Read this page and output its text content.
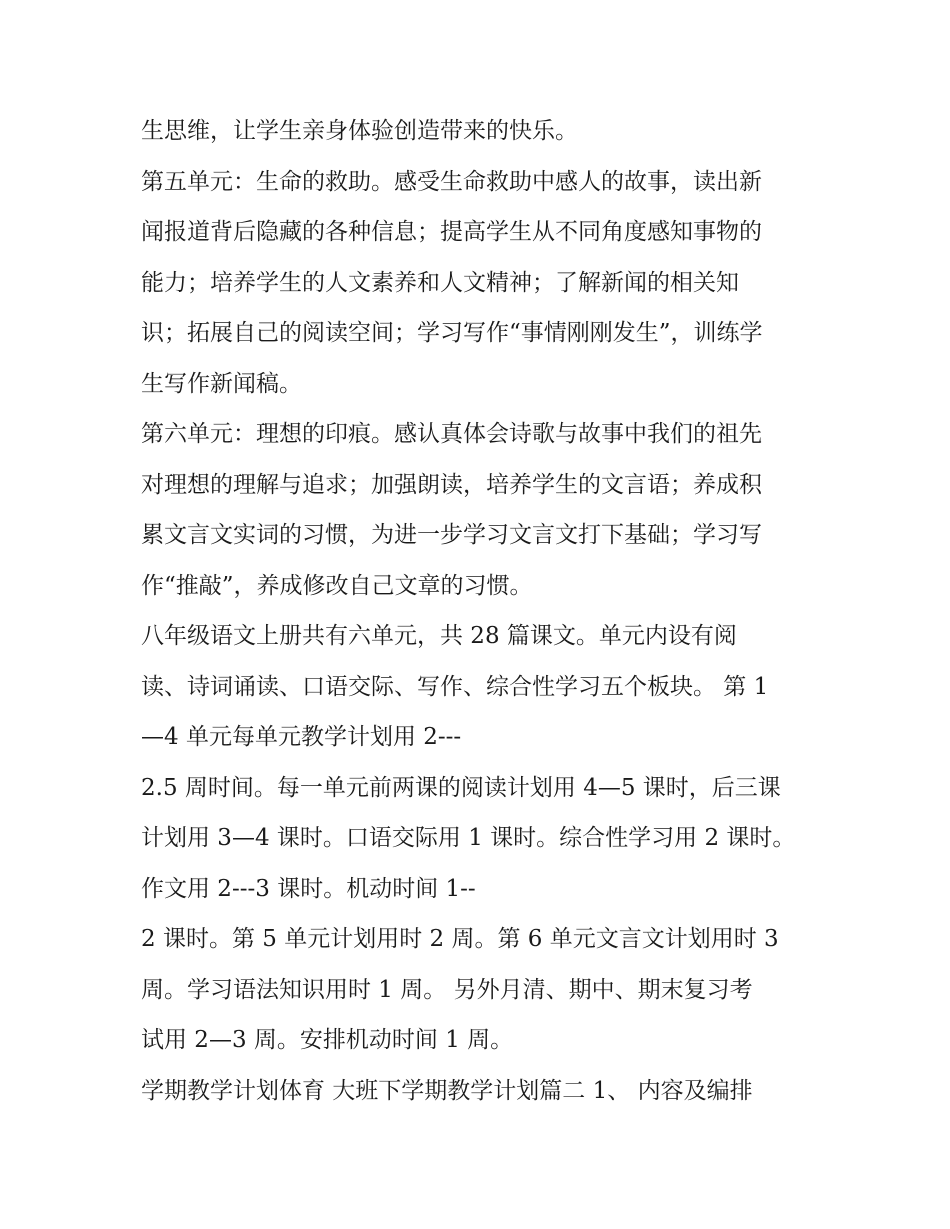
生思维，让学生亲身体验创造带来的快乐。
第五单元：生命的救助。感受生命救助中感人的故事，读出新
闻报道背后隐藏的各种信息；提高学生从不同角度感知事物的
能力；培养学生的人文素养和人文精神；了解新闻的相关知
识；拓展自己的阅读空间；学习写作“事情刚刚发生”，训练学
生写作新闻稿。
第六单元：理想的印痕。感认真体会诗歌与故事中我们的祖先
对理想的理解与追求；加强朗读，培养学生的文言语；养成积
累文言文实词的习惯，为进一步学习文言文打下基础；学习写
作“推敲”，养成修改自己文章的习惯。
八年级语文上册共有六单元，共 28 篇课文。单元内设有阅
读、诗词诵读、口语交际、写作、综合性学习五个板块。 第 1
—4 单元每单元教学计划用 2---
2.5 周时间。每一单元前两课的阅读计划用 4—5 课时，后三课
计划用 3—4 课时。口语交际用 1 课时。综合性学习用 2 课时。
作文用 2---3 课时。机动时间 1--
2 课时。第 5 单元计划用时 2 周。第 6 单元文言文计划用时 3
周。学习语法知识用时 1 周。 另外月清、期中、期末复习考
试用 2—3 周。安排机动时间 1 周。
学期教学计划体育 大班下学期教学计划篇二 1、 内容及编排
